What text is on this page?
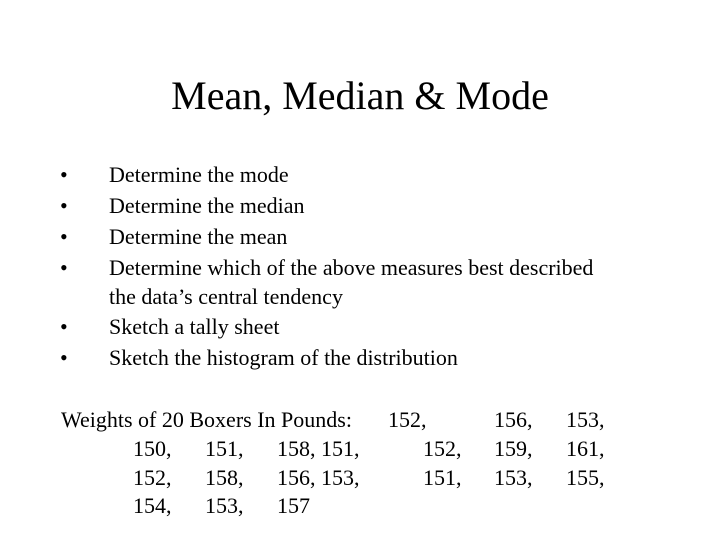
Mean, Median & Mode
• Determine the mode
• Determine the median
• Determine the mean
• Determine which of the above measures best described
the data’s central tendency
• Sketch a tally sheet
• Sketch the histogram of the distribution
Weights of 20 Boxers In Pounds: 152,	156, 153,
150, 151, 158, 151,	152, 159, 161,
152, 158, 156, 153,	151, 153, 155,
154, 153, 157
